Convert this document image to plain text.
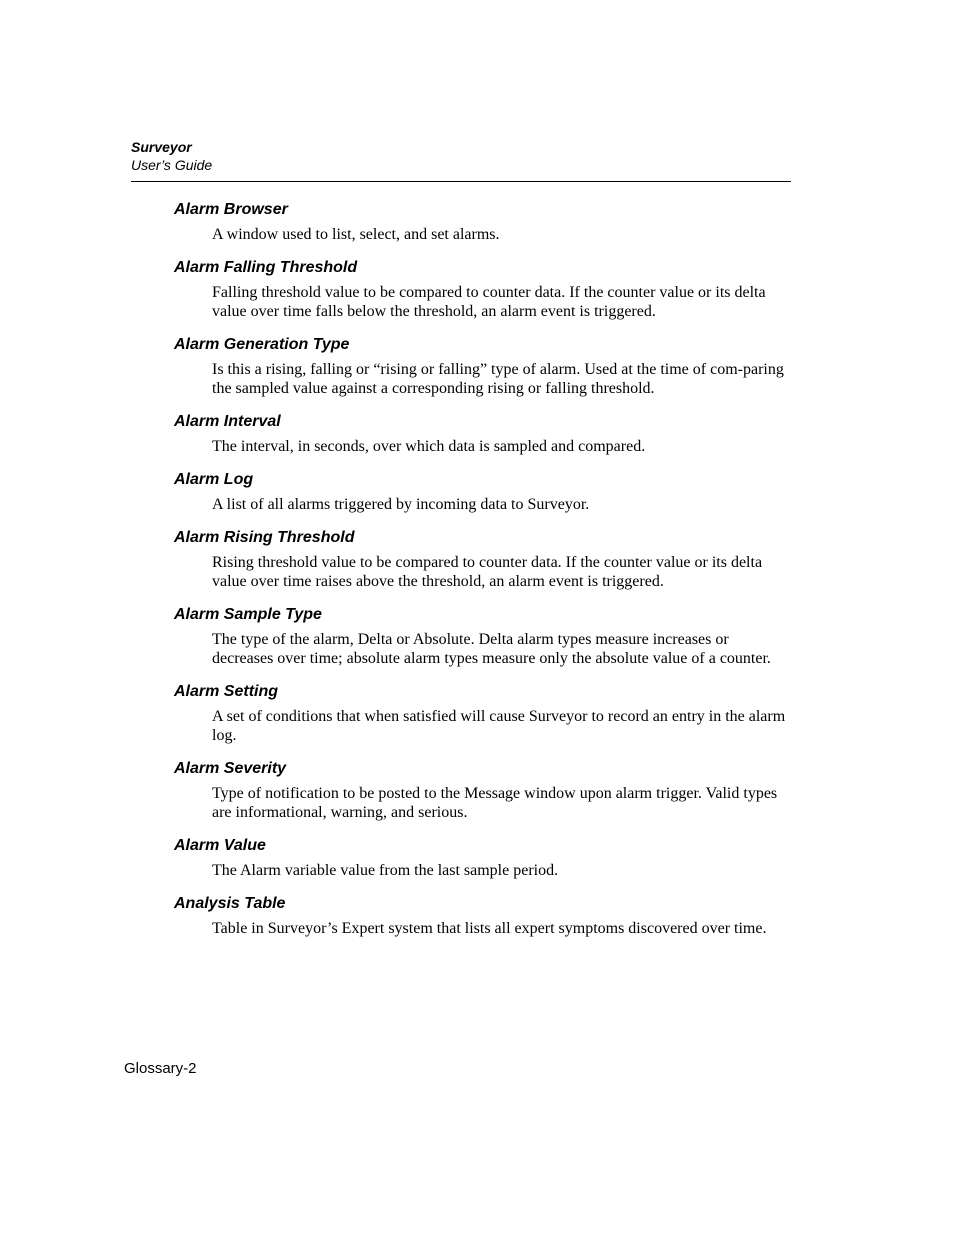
Surveyor
User’s Guide
Alarm Browser
A window used to list, select, and set alarms.
Alarm Falling Threshold
Falling threshold value to be compared to counter data. If the counter value or its delta value over time falls below the threshold, an alarm event is triggered.
Alarm Generation Type
Is this a rising, falling or “rising or falling” type of alarm. Used at the time of com-paring the sampled value against a corresponding rising or falling threshold.
Alarm Interval
The interval, in seconds, over which data is sampled and compared.
Alarm Log
A list of all alarms triggered by incoming data to Surveyor.
Alarm Rising Threshold
Rising threshold value to be compared to counter data. If the counter value or its delta value over time raises above the threshold, an alarm event is triggered.
Alarm Sample Type
The type of the alarm, Delta or Absolute. Delta alarm types measure increases or decreases over time; absolute alarm types measure only the absolute value of a counter.
Alarm Setting
A set of conditions that when satisfied will cause Surveyor to record an entry in the alarm log.
Alarm Severity
Type of notification to be posted to the Message window upon alarm trigger. Valid types are informational, warning, and serious.
Alarm Value
The Alarm variable value from the last sample period.
Analysis Table
Table in Surveyor’s Expert system that lists all expert symptoms discovered over time.
Glossary-2
